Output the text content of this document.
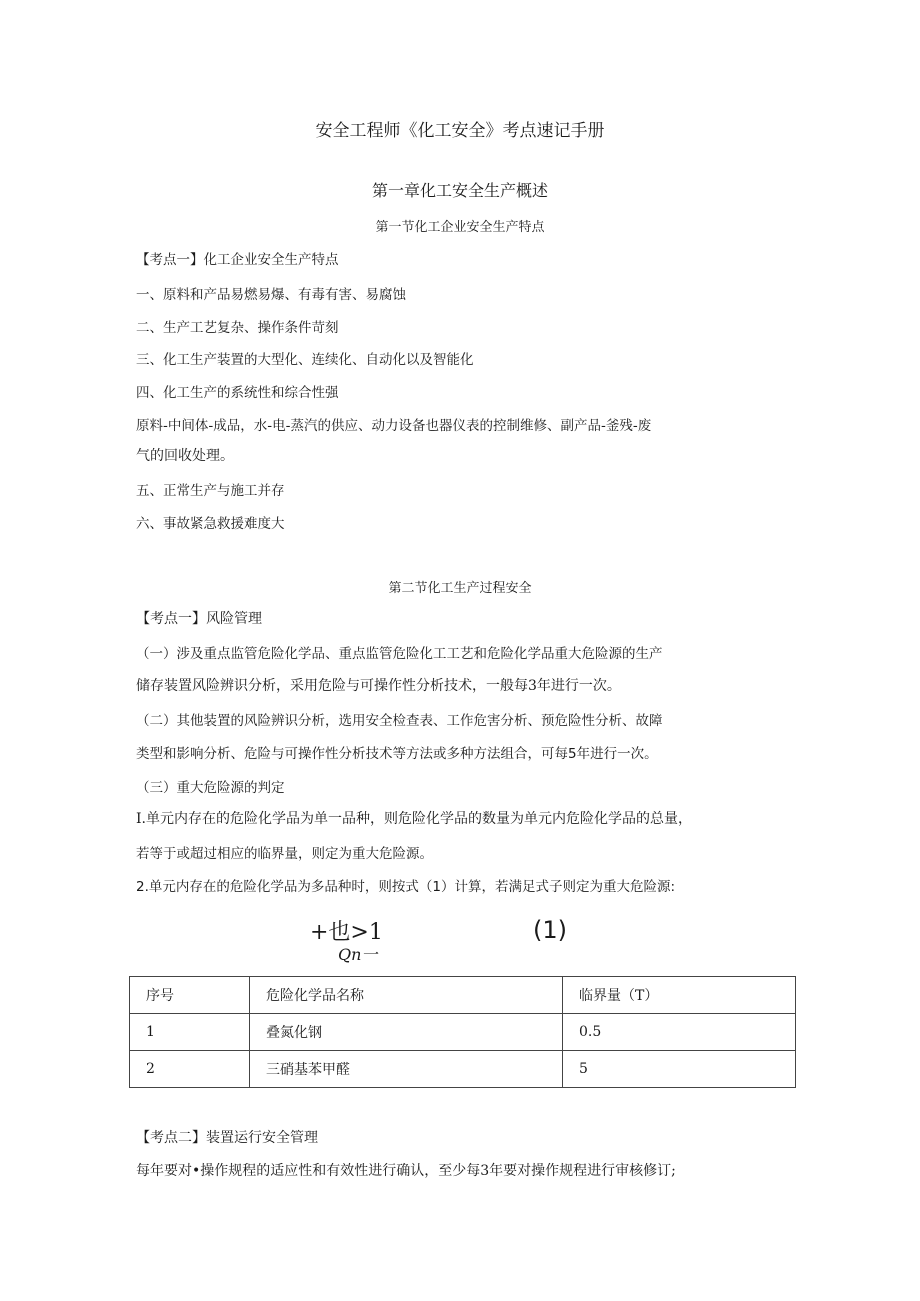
安全工程师《化工安全》考点速记手册
第一章化工安全生产概述
第一节化工企业安全生产特点
【考点一】化工企业安全生产特点
一、原料和产品易燃易爆、有毒有害、易腐蚀
二、生产工艺复杂、操作条件苛刻
三、化工生产装置的大型化、连续化、自动化以及智能化
四、化工生产的系统性和综合性强
原料-中间体-成品，水-电-蒸汽的供应、动力设备也器仪表的控制维修、副产品-釜残-废
气的回收处理。
五、正常生产与施工并存
六、事故紧急救援难度大
第二节化工生产过程安全
【考点一】风险管理
（一）涉及重点监管危险化学品、重点监管危险化工工艺和危险化学品重大危险源的生产
储存装置风险辨识分析，采用危险与可操作性分析技术，一般每3年进行一次。
（二）其他装置的风险辨识分析，选用安全检查表、工作危害分析、预危险性分析、故障
类型和影响分析、危险与可操作性分析技术等方法或多种方法组合，可每5年进行一次。
（三）重大危险源的判定
I.单元内存在的危险化学品为单一品种，则危险化学品的数量为单元内危险化学品的总量，
若等于或超过相应的临界量，则定为重大危险源。
2.单元内存在的危险化学品为多品种时，则按式（1）计算，若满足式子则定为重大危险源:
+也>1
Qn一
(1)
序号	危险化学品名称	临界量（T）
1	叠氮化钢	0.5
2	三硝基苯甲醛	5
【考点二】装置运行安全管理
每年要对•操作规程的适应性和有效性进行确认，至少每3年要对操作规程进行审核修订;
